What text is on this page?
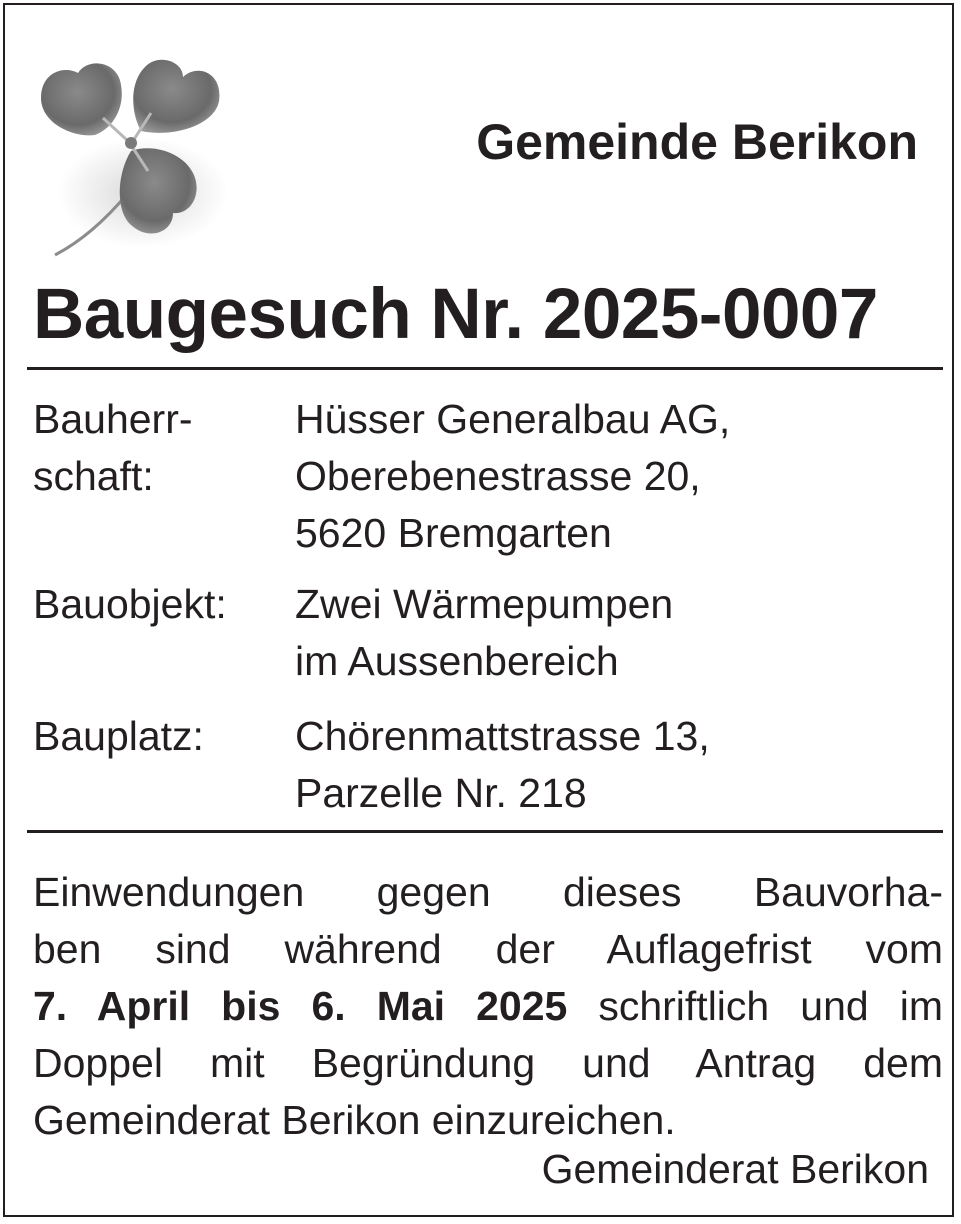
Gemeinde Berikon
Baugesuch Nr. 2025-0007
Bauherr-
schaft:
Hüsser Generalbau AG,
Oberebenestrasse 20,
5620 Bremgarten
Bauobjekt: Zwei Wärmepumpen
im Aussenbereich
Bauplatz: Chörenmattstrasse 13,
Parzelle Nr. 218
Einwendungen gegen dieses Bauvorha-
ben sind während der Auflagefrist vom
7. April bis 6. Mai 2025 schriftlich und im
Doppel mit Begründung und Antrag dem
Gemeinderat Berikon einzureichen.
Gemeinderat Berikon
